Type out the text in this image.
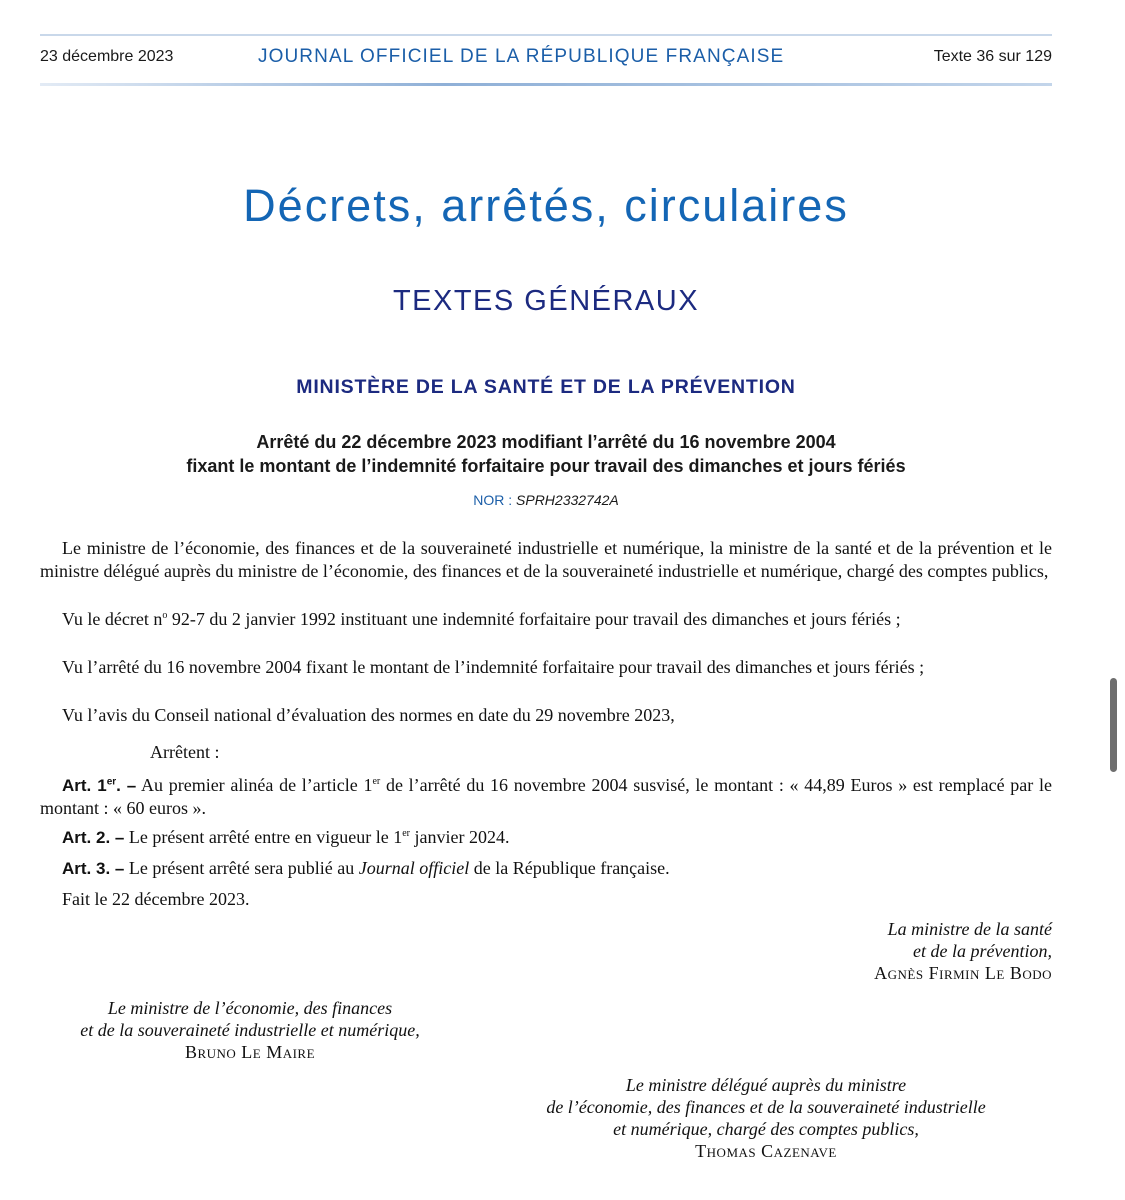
23 décembre 2023	JOURNAL OFFICIEL DE LA RÉPUBLIQUE FRANÇAISE	Texte 36 sur 129
Décrets, arrêtés, circulaires
TEXTES GÉNÉRAUX
MINISTÈRE DE LA SANTÉ ET DE LA PRÉVENTION
Arrêté du 22 décembre 2023 modifiant l’arrêté du 16 novembre 2004
fixant le montant de l’indemnité forfaitaire pour travail des dimanches et jours fériés
NOR : SPRH2332742A

Le ministre de l’économie, des finances et de la souveraineté industrielle et numérique, la ministre de la santé et de la prévention et le ministre délégué auprès du ministre de l’économie, des finances et de la souveraineté industrielle et numérique, chargé des comptes publics,

Vu le décret $n^o$ 92-7 du 2 janvier 1992 instituant une indemnité forfaitaire pour travail des dimanches et jours fériés ;

Vu l’arrêté du 16 novembre 2004 fixant le montant de l’indemnité forfaitaire pour travail des dimanches et jours fériés ;

Vu l’avis du Conseil national d’évaluation des normes en date du 29 novembre 2023,

Arrêtent :

Art. 1er. – Au premier alinéa de l’article 1er de l’arrêté du 16 novembre 2004 susvisé, le montant : « 44,89 Euros » est remplacé par le montant : « 60 euros ».

Art. 2. – Le présent arrêté entre en vigueur le 1er janvier 2024.

Art. 3. – Le présent arrêté sera publié au Journal officiel de la République française.

Fait le 22 décembre 2023.

La ministre de la santé
et de la prévention,
Agnès Firmin Le Bodo
Le ministre de l’économie, des finances
et de la souveraineté industrielle et numérique,
Bruno Le Maire
Le ministre délégué auprès du ministre
de l’économie, des finances et de la souveraineté industrielle
et numérique, chargé des comptes publics,
Thomas Cazenave
